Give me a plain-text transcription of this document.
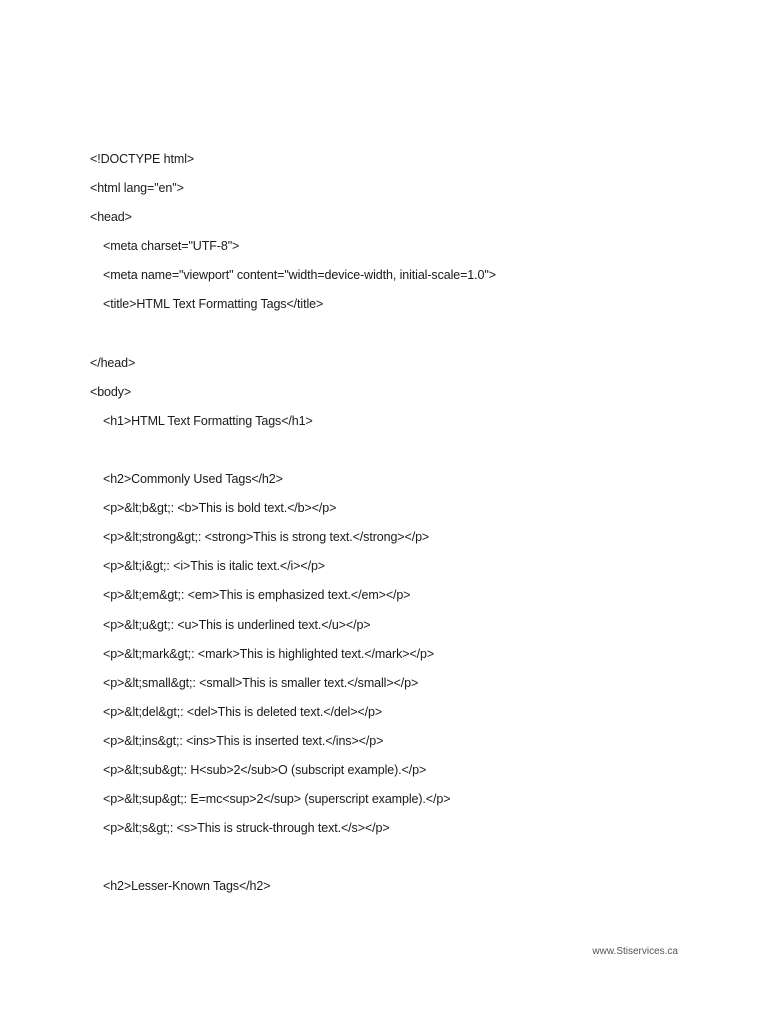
<!DOCTYPE html>
<html lang="en">
<head>
<meta charset="UTF-8">
<meta name="viewport" content="width=device-width, initial-scale=1.0">
<title>HTML Text Formatting Tags</title>
</head>
<body>
<h1>HTML Text Formatting Tags</h1>
<h2>Commonly Used Tags</h2>
<p>&lt;b&gt;: <b>This is bold text.</b></p>
<p>&lt;strong&gt;: <strong>This is strong text.</strong></p>
<p>&lt;i&gt;: <i>This is italic text.</i></p>
<p>&lt;em&gt;: <em>This is emphasized text.</em></p>
<p>&lt;u&gt;: <u>This is underlined text.</u></p>
<p>&lt;mark&gt;: <mark>This is highlighted text.</mark></p>
<p>&lt;small&gt;: <small>This is smaller text.</small></p>
<p>&lt;del&gt;: <del>This is deleted text.</del></p>
<p>&lt;ins&gt;: <ins>This is inserted text.</ins></p>
<p>&lt;sub&gt;: H<sub>2</sub>O (subscript example).</p>
<p>&lt;sup&gt;: E=mc<sup>2</sup> (superscript example).</p>
<p>&lt;s&gt;: <s>This is struck-through text.</s></p>
<h2>Lesser-Known Tags</h2>
www.Stiservices.ca
